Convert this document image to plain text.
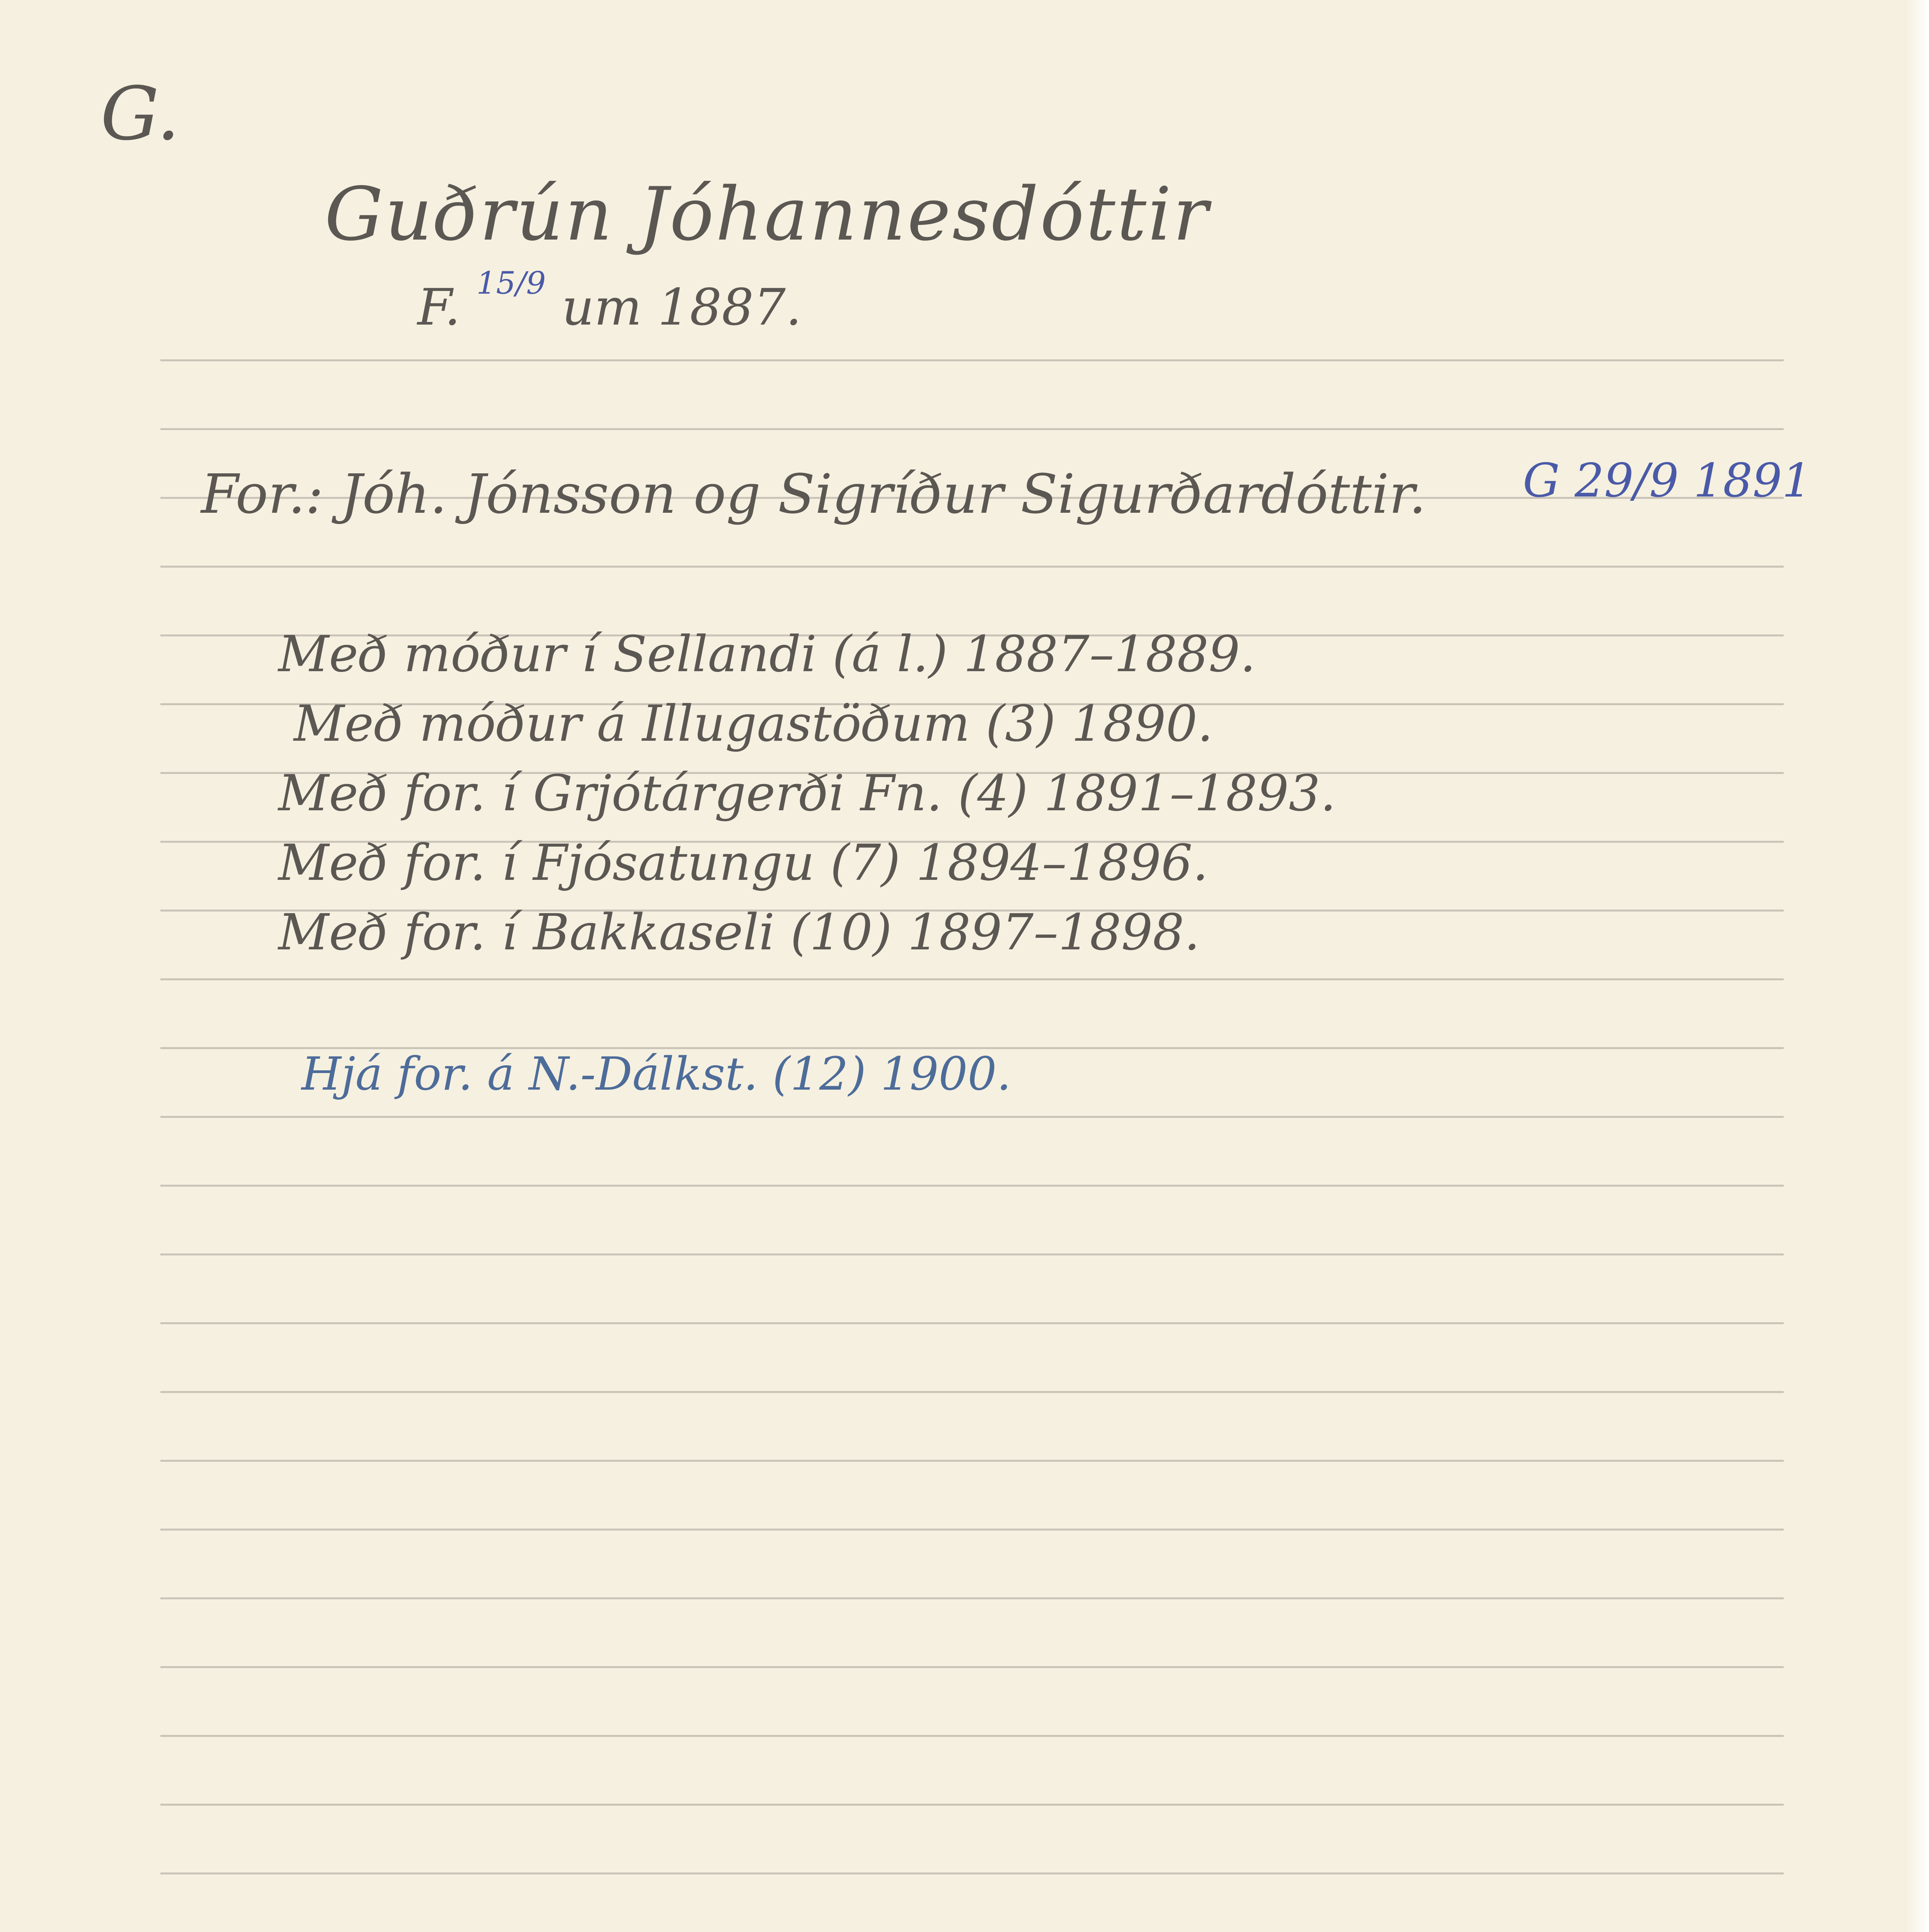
G.
Guðrún Jóhannesdóttir
F. $^{15/9}$ um 1887.
For.: Jóh. Jónsson og Sigríður Sigurðardóttir. G 29/9 1891
Með móður í Sellandi (á l.) 1887–1889.
Með móður á Illugastöðum (3) 1890.
Með for. í Grjótárgerði Fn. (4) 1891–1893.
Með for. í Fjósatungu (7) 1894–1896.
Með for. í Bakkaseli (10) 1897–1898.
Hjá for. á N.-Dálkst. (12) 1900.
